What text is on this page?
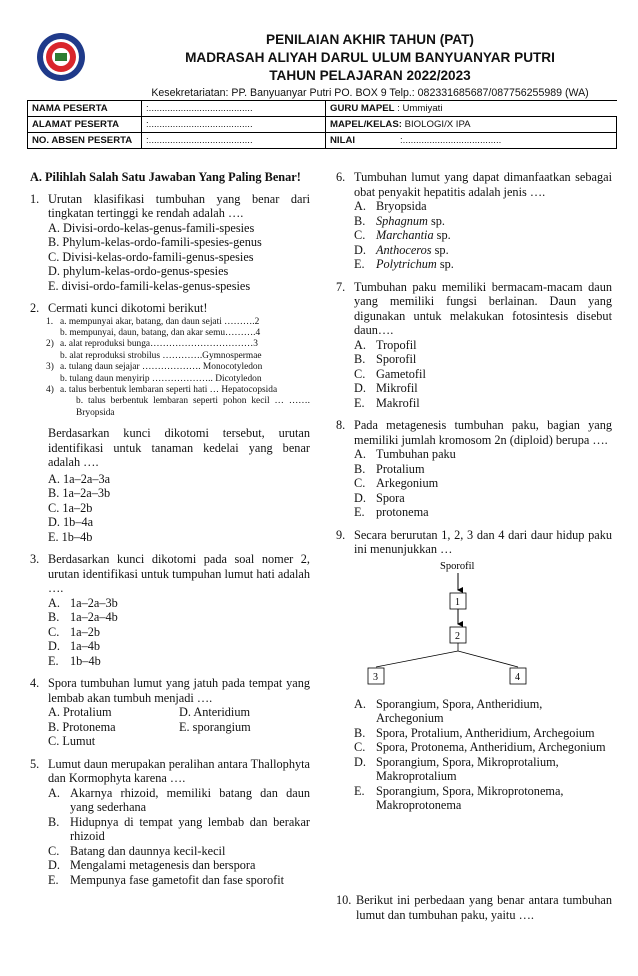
PENILAIAN AKHIR TAHUN (PAT)
MADRASAH ALIYAH DARUL ULUM BANYUANYAR PUTRI
TAHUN PELAJARAN 2022/2023
Kesekretariatan: PP. Banyuanyar Putri PO. BOX 9 Telp.: 082331685687/087756255989 (WA)
NAMA PESERTA	:.......................................	GURU MAPEL : Ummiyati
ALAMAT PESERTA	:.......................................	MAPEL/KELAS: BIOLOGI/X IPA
NO. ABSEN PESERTA	:.......................................	NILAI :.....................................
A. Pilihlah Salah Satu Jawaban Yang Paling Benar!
1. Urutan klasifikasi tumbuhan yang benar dari tingkatan tertinggi ke rendah adalah ….
A. Divisi-ordo-kelas-genus-famili-spesies
B. Phylum-kelas-ordo-famili-spesies-genus
C. Divisi-kelas-ordo-famili-genus-spesies
D. phylum-kelas-ordo-genus-spesies
E. divisi-ordo-famili-kelas-genus-spesies
2. Cermati kunci dikotomi berikut!
1. a. mempunyai akar, batang, dan daun sejati ……….2
b. mempunyai, daun, batang, dan akar semu……….4
2) a. alat reproduksi bunga……………………………3
b. alat reproduksi strobilus ………….Gymnospermae
3) a. tulang daun sejajar ………………. Monocotyledon
b. tulang daun menyirip ……………….. Dicotyledon
4) a. talus berbentuk lembaran seperti hati … Hepatocopsida
b. talus berbentuk lembaran seperti pohon kecil … ……. Bryopsida
Berdasarkan kunci dikotomi tersebut, urutan identifikasi untuk tanaman kedelai yang benar adalah ….
A. 1a–2a–3a
B. 1a–2a–3b
C. 1a–2b
D. 1b–4a
E. 1b–4b
3. Berdasarkan kunci dikotomi pada soal nomer 2, urutan identifikasi untuk tumpuhan lumut hati adalah ….
A. 1a–2a–3b
B. 1a–2a–4b
C. 1a–2b
D. 1a–4b
E. 1b–4b
4. Spora tumbuhan lumut yang jatuh pada tempat yang lembab akan tumbuh menjadi ….
A. Protalium	D. Anteridium
B. Protonema	E. sporangium
C. Lumut
5. Lumut daun merupakan peralihan antara Thallophyta dan Kormophyta karena ….
A. Akarnya rhizoid, memiliki batang dan daun yang sederhana
B. Hidupnya di tempat yang lembab dan berakar rhizoid
C. Batang dan daunnya kecil-kecil
D. Mengalami metagenesis dan berspora
E. Mempunya fase gametofit dan fase sporofit
6. Tumbuhan lumut yang dapat dimanfaatkan sebagai obat penyakit hepatitis adalah jenis ….
A. Bryopsida
B. Sphagnum sp.
C. Marchantia sp.
D. Anthoceros sp.
E. Polytrichum sp.
7. Tumbuhan paku memiliki bermacam-macam daun yang memiliki fungsi berlainan. Daun yang digunakan untuk melakukan fotosintesis disebut daun….
A. Tropofil
B. Sporofil
C. Gametofil
D. Mikrofil
E. Makrofil
8. Pada metagenesis tumbuhan paku, bagian yang memiliki jumlah kromosom 2n (diploid) berupa ….
A. Tumbuhan paku
B. Protalium
C. Arkegonium
D. Spora
E. protonema
9. Secara berurutan 1, 2, 3 dan 4 dari daur hidup paku ini menunjukkan …
Sporofil
1
2
3	4
A. Sporangium, Spora, Antheridium, Archegonium
B. Spora, Protalium, Antheridium, Archegoium
C. Spora, Protonema, Antheridium, Archegonium
D. Sporangium, Spora, Mikroprotalium, Makroprotalium
E. Sporangium, Spora, Mikroprotonema, Makroprotonema
10. Berikut ini perbedaan yang benar antara tumbuhan lumut dan tumbuhan paku, yaitu ….
